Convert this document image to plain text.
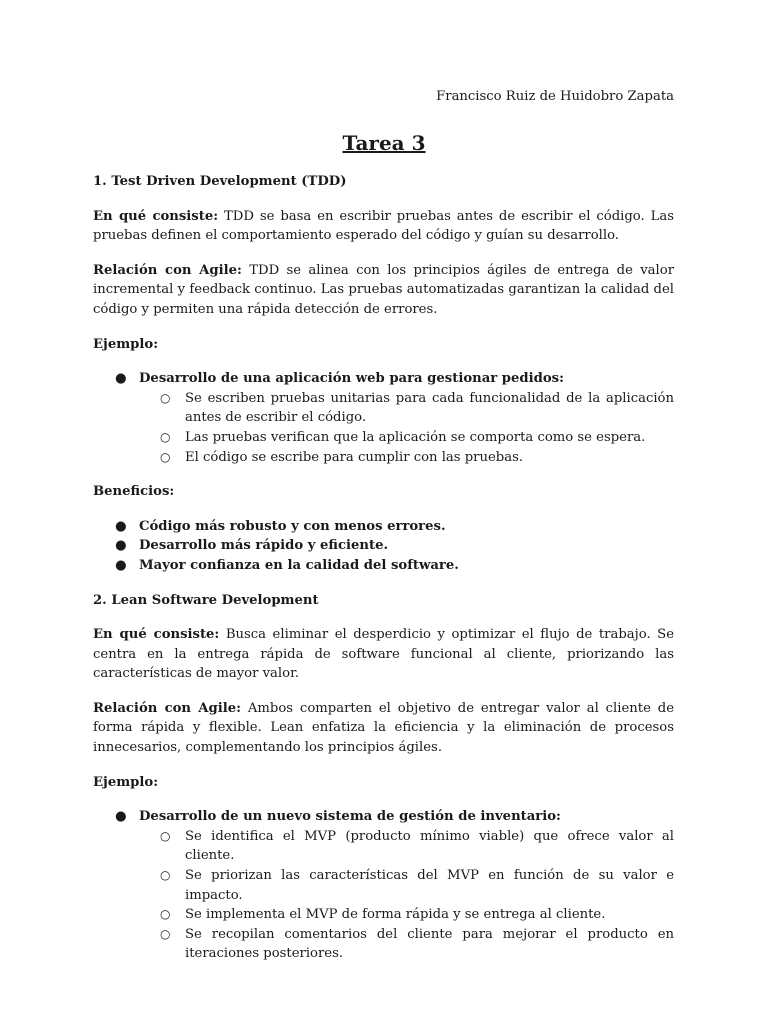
Francisco Ruiz de Huidobro Zapata
Tarea 3

1. Test Driven Development (TDD)

En qué consiste: TDD se basa en escribir pruebas antes de escribir el código. Las pruebas definen el comportamiento esperado del código y guían su desarrollo.

Relación con Agile: TDD se alinea con los principios ágiles de entrega de valor incremental y feedback continuo. Las pruebas automatizadas garantizan la calidad del código y permiten una rápida detección de errores.

Ejemplo:

● Desarrollo de una aplicación web para gestionar pedidos:
○ Se escriben pruebas unitarias para cada funcionalidad de la aplicación antes de escribir el código.
○ Las pruebas verifican que la aplicación se comporta como se espera.
○ El código se escribe para cumplir con las pruebas.

Beneficios:

● Código más robusto y con menos errores.
● Desarrollo más rápido y eficiente.
● Mayor confianza en la calidad del software.

2. Lean Software Development

En qué consiste: Busca eliminar el desperdicio y optimizar el flujo de trabajo. Se centra en la entrega rápida de software funcional al cliente, priorizando las características de mayor valor.

Relación con Agile: Ambos comparten el objetivo de entregar valor al cliente de forma rápida y flexible. Lean enfatiza la eficiencia y la eliminación de procesos innecesarios, complementando los principios ágiles.

Ejemplo:

● Desarrollo de un nuevo sistema de gestión de inventario:
○ Se identifica el MVP (producto mínimo viable) que ofrece valor al cliente.
○ Se priorizan las características del MVP en función de su valor e impacto.
○ Se implementa el MVP de forma rápida y se entrega al cliente.
○ Se recopilan comentarios del cliente para mejorar el producto en iteraciones posteriores.
